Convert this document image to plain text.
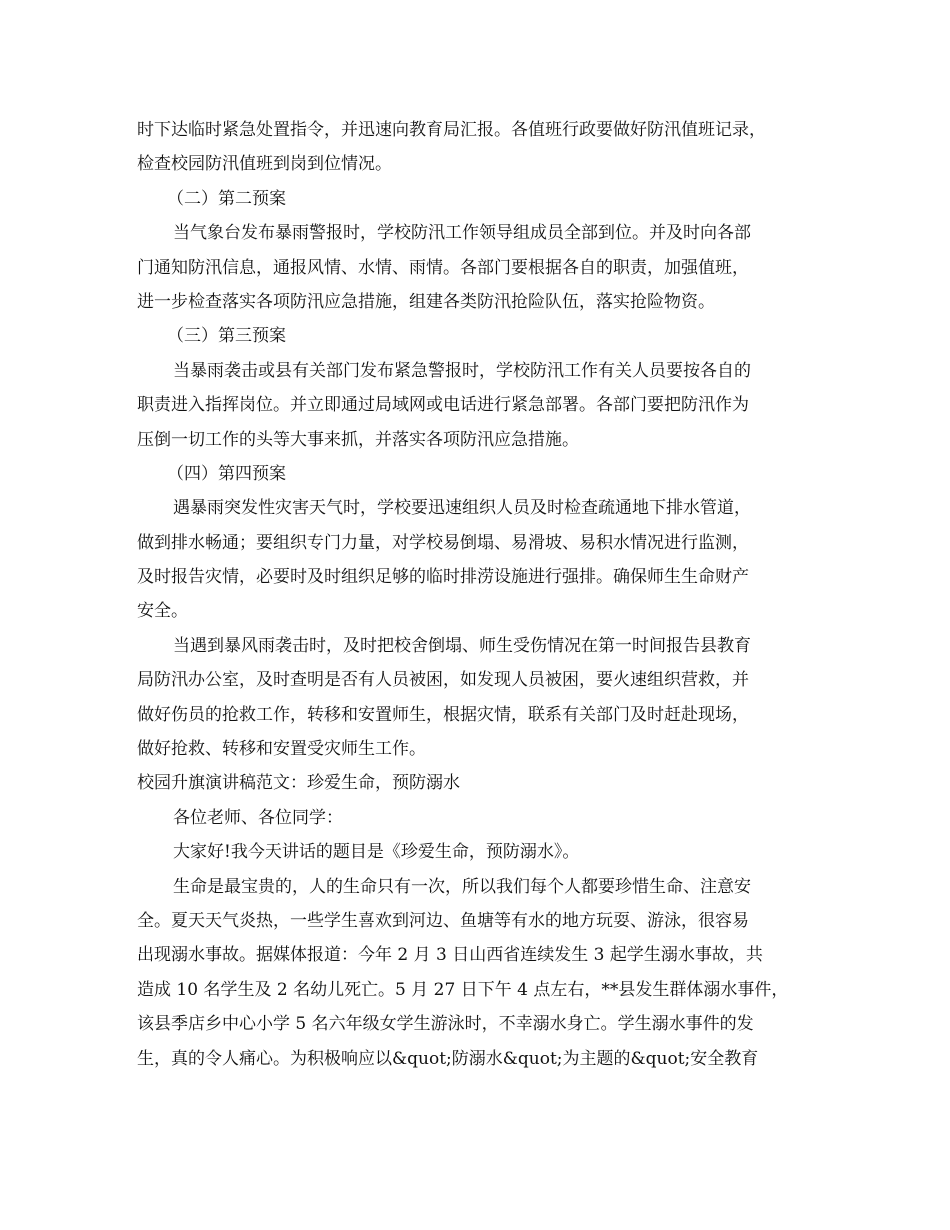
时下达临时紧急处置指令，并迅速向教育局汇报。各值班行政要做好防汛值班记录，
检查校园防汛值班到岗到位情况。
（二）第二预案
当气象台发布暴雨警报时，学校防汛工作领导组成员全部到位。并及时向各部
门通知防汛信息，通报风情、水情、雨情。各部门要根据各自的职责，加强值班，
进一步检查落实各项防汛应急措施，组建各类防汛抢险队伍，落实抢险物资。
（三）第三预案
当暴雨袭击或县有关部门发布紧急警报时，学校防汛工作有关人员要按各自的
职责进入指挥岗位。并立即通过局域网或电话进行紧急部署。各部门要把防汛作为
压倒一切工作的头等大事来抓，并落实各项防汛应急措施。
（四）第四预案
遇暴雨突发性灾害天气时，学校要迅速组织人员及时检查疏通地下排水管道，
做到排水畅通；要组织专门力量，对学校易倒塌、易滑坡、易积水情况进行监测，
及时报告灾情，必要时及时组织足够的临时排涝设施进行强排。确保师生生命财产
安全。
当遇到暴风雨袭击时，及时把校舍倒塌、师生受伤情况在第一时间报告县教育
局防汛办公室，及时查明是否有人员被困，如发现人员被困，要火速组织营救，并
做好伤员的抢救工作，转移和安置师生，根据灾情，联系有关部门及时赶赴现场，
做好抢救、转移和安置受灾师生工作。
校园升旗演讲稿范文：珍爱生命，预防溺水
各位老师、各位同学：
大家好!我今天讲话的题目是《珍爱生命，预防溺水》。
生命是最宝贵的，人的生命只有一次，所以我们每个人都要珍惜生命、注意安
全。夏天天气炎热，一些学生喜欢到河边、鱼塘等有水的地方玩耍、游泳，很容易
出现溺水事故。据媒体报道：今年 2 月 3 日山西省连续发生 3 起学生溺水事故，共
造成 10 名学生及 2 名幼儿死亡。5 月 27 日下午 4 点左右，**县发生群体溺水事件，
该县季店乡中心小学 5 名六年级女学生游泳时，不幸溺水身亡。学生溺水事件的发
生，真的令人痛心。为积极响应以&quot;防溺水&quot;为主题的&quot;安全教育
